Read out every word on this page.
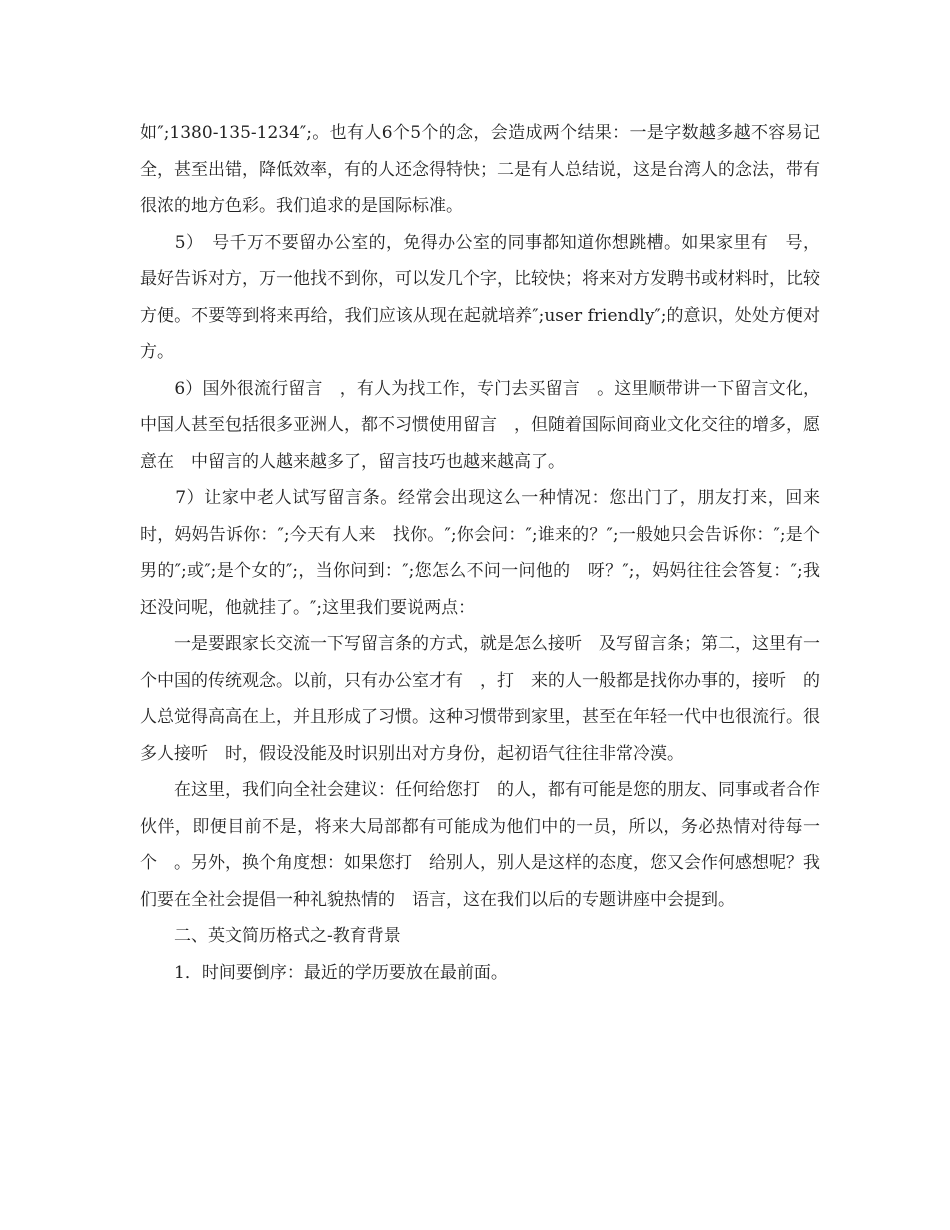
如″;1380-135-1234″;。也有人6个5个的念，会造成两个结果：一是字数越多越不容易记全，甚至出错，降低效率，有的人还念得特快；二是有人总结说，这是台湾人的念法，带有很浓的地方色彩。我们追求的是国际标准。

　　5）　号千万不要留办公室的，免得办公室的同事都知道你想跳槽。如果家里有　号，最好告诉对方，万一他找不到你，可以发几个字，比较快；将来对方发聘书或材料时，比较方便。不要等到将来再给，我们应该从现在起就培养″;user friendly″;的意识，处处方便对方。

　　6）国外很流行留言　，有人为找工作，专门去买留言　。这里顺带讲一下留言文化，中国人甚至包括很多亚洲人，都不习惯使用留言　，但随着国际间商业文化交往的增多，愿意在　中留言的人越来越多了，留言技巧也越来越高了。

　　7）让家中老人试写留言条。经常会出现这么一种情况：您出门了，朋友打来，回来时，妈妈告诉你：″;今天有人来　找你。″;你会问：″;谁来的？″;一般她只会告诉你：″;是个男的″;或″;是个女的″;，当你问到：″;您怎么不问一问他的　呀？″;，妈妈往往会答复：″;我还没问呢，他就挂了。″;这里我们要说两点：

　　一是要跟家长交流一下写留言条的方式，就是怎么接听　及写留言条；第二，这里有一个中国的传统观念。以前，只有办公室才有　，打　来的人一般都是找你办事的，接听　的人总觉得高高在上，并且形成了习惯。这种习惯带到家里，甚至在年轻一代中也很流行。很多人接听　时，假设没能及时识别出对方身份，起初语气往往非常冷漠。

　　在这里，我们向全社会建议：任何给您打　的人，都有可能是您的朋友、同事或者合作伙伴，即便目前不是，将来大局部都有可能成为他们中的一员，所以，务必热情对待每一个　。另外，换个角度想：如果您打　给别人，别人是这样的态度，您又会作何感想呢？我们要在全社会提倡一种礼貌热情的　语言，这在我们以后的专题讲座中会提到。

　　二、英文简历格式之-教育背景

　　1．时间要倒序：最近的学历要放在最前面。
